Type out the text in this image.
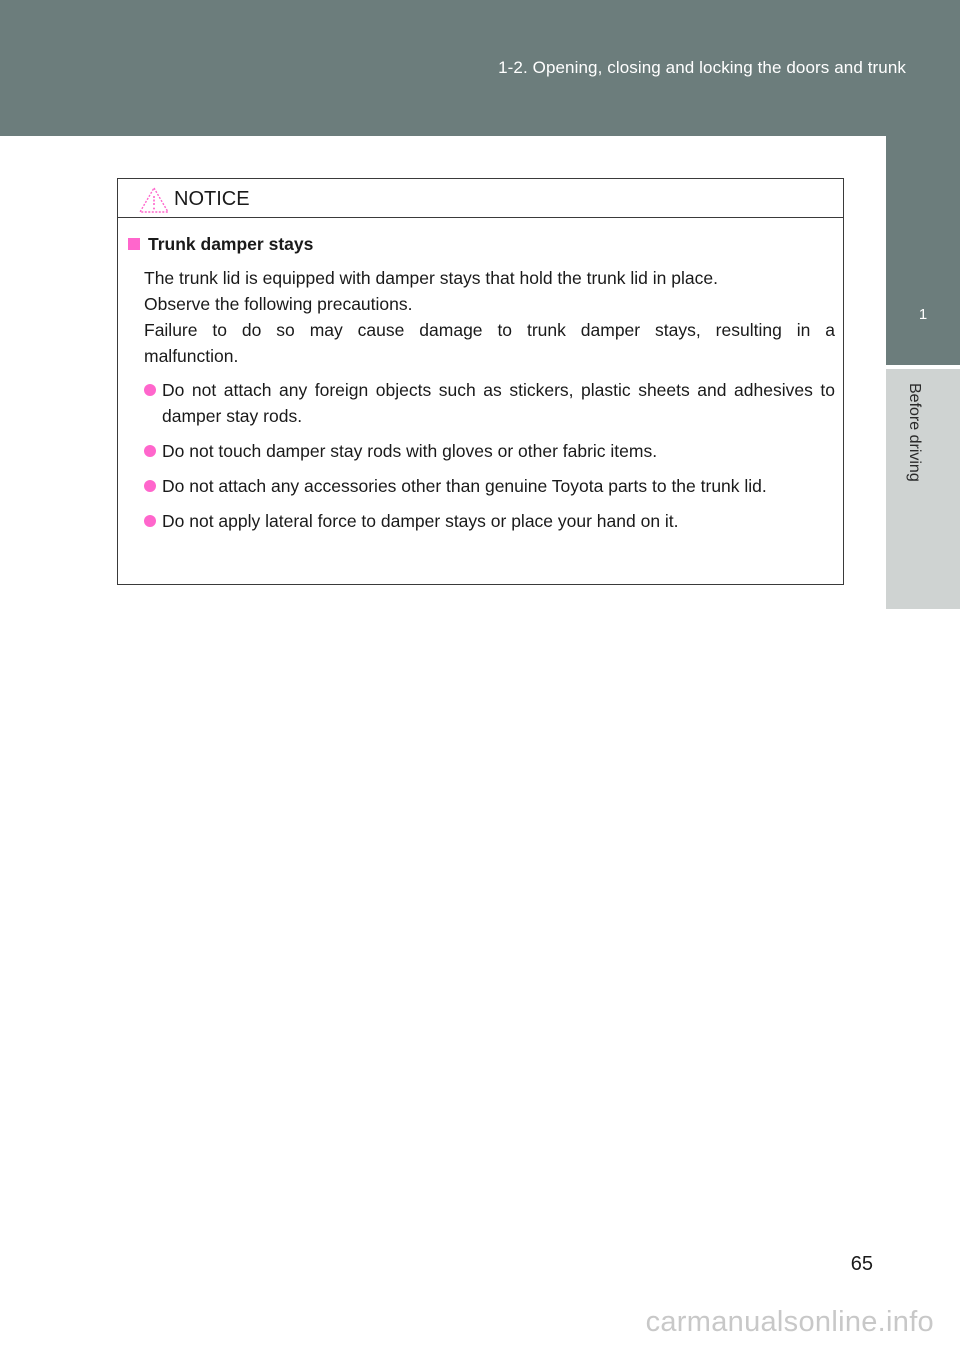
1-2. Opening, closing and locking the doors and trunk
1
Before driving
NOTICE
Trunk damper stays
The trunk lid is equipped with damper stays that hold the trunk lid in place.
Observe the following precautions.
Failure to do so may cause damage to trunk damper stays, resulting in a
malfunction.
Do not attach any foreign objects such as stickers, plastic sheets and adhesives to damper stay rods.
Do not touch damper stay rods with gloves or other fabric items.
Do not attach any accessories other than genuine Toyota parts to the trunk lid.
Do not apply lateral force to damper stays or place your hand on it.
65
carmanualsonline.info
